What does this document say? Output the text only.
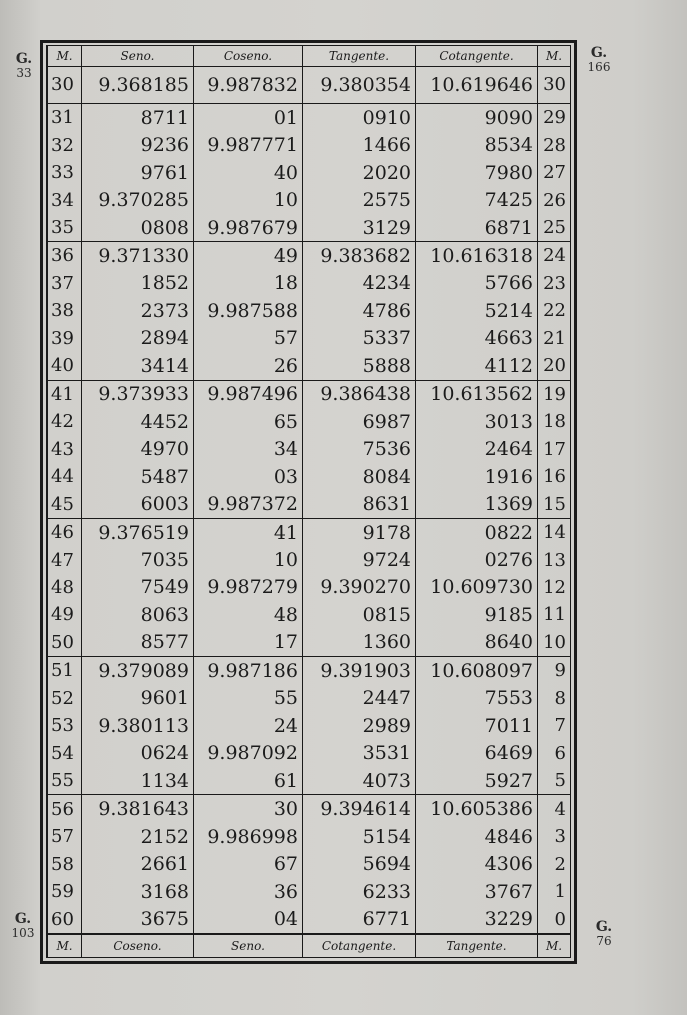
G.
33
G.
166
G.
103	G.
76
M.	Seno.	Coseno.	Tangente.	Cotangente.	M.
30	9.368185	9.987832	9.380354	10.619646	30
31	8711	01	0910	9090	29
32	9236	9.987771	1466	8534	28
33	9761	40	2020	7980	27
34	9.370285	10	2575	7425	26
35	0808	9.987679	3129	6871	25
36	9.371330	49	9.383682	10.616318	24
37	1852	18	4234	5766	23
38	2373	9.987588	4786	5214	22
39	2894	57	5337	4663	21
40	3414	26	5888	4112	20
41	9.373933	9.987496	9.386438	10.613562	19
42	4452	65	6987	3013	18
43	4970	34	7536	2464	17
44	5487	03	8084	1916	16
45	6003	9.987372	8631	1369	15
46	9.376519	41	9178	0822	14
47	7035	10	9724	0276	13
48	7549	9.987279	9.390270	10.609730	12
49	8063	48	0815	9185	11
50	8577	17	1360	8640	10
51	9.379089	9.987186	9.391903	10.608097	9
52	9601	55	2447	7553	8
53	9.380113	24	2989	7011	7
54	0624	9.987092	3531	6469	6
55	1134	61	4073	5927	5
56	9.381643	30	9.394614	10.605386	4
57	2152	9.986998	5154	4846	3
58	2661	67	5694	4306	2
59	3168	36	6233	3767	1
60	3675	04	6771	3229	0
M.	Coseno.	Seno.	Cotangente.	Tangente.	M.
